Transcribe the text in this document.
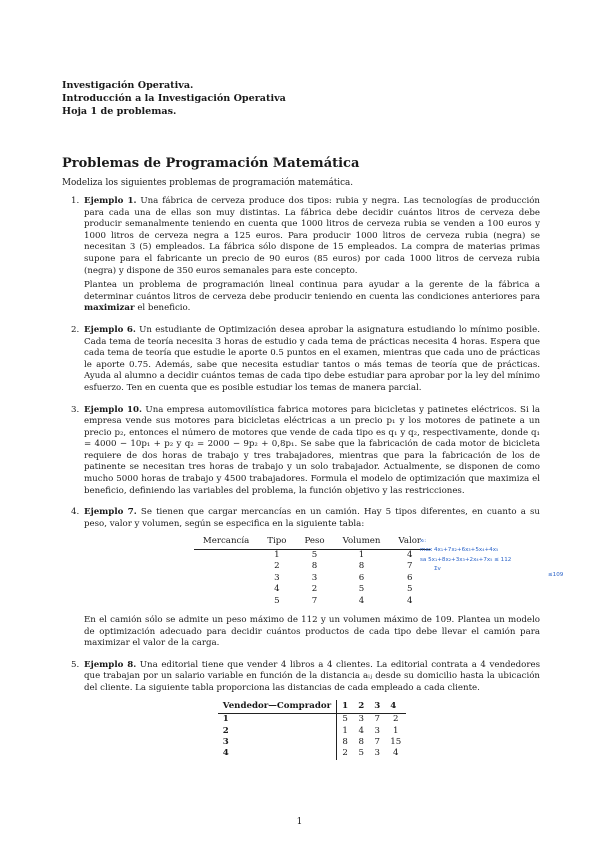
Investigación Operativa.
Introducción a la Investigación Operativa
Hoja 1 de problemas.
Problemas de Programación Matemática
Modeliza los siguientes problemas de programación matemática.
1. Ejemplo 1. Una fábrica de cerveza produce dos tipos: rubia y negra. Las tecnologías de producción para cada una de ellas son muy distintas. La fábrica debe decidir cuántos litros de cerveza debe producir semanalmente teniendo en cuenta que 1000 litros de cerveza rubia se venden a 100 euros y 1000 litros de cerveza negra a 125 euros. Para producir 1000 litros de cerveza rubia (negra) se necesitan 3 (5) empleados. La fábrica sólo dispone de 15 empleados. La compra de materias primas supone para el fabricante un precio de 90 euros (85 euros) por cada 1000 litros de cerveza rubia (negra) y dispone de 350 euros semanales para este concepto.

Plantea un problema de programación lineal continua para ayudar a la gerente de la fábrica a determinar cuántos litros de cerveza debe producir teniendo en cuenta las condiciones anteriores para maximizar el beneficio.

2. Ejemplo 6. Un estudiante de Optimización desea aprobar la asignatura estudiando lo mínimo posible. Cada tema de teoría necesita 3 horas de estudio y cada tema de prácticas necesita 4 horas. Espera que cada tema de teoría que estudie le aporte 0.5 puntos en el examen, mientras que cada uno de prácticas le aporte 0.75. Además, sabe que necesita estudiar tantos o más temas de teoría que de prácticas. Ayuda al alumno a decidir cuántos temas de cada tipo debe estudiar para aprobar por la ley del mínimo esfuerzo. Ten en cuenta que es posible estudiar los temas de manera parcial.

3. Ejemplo 10. Una empresa automovilística fabrica motores para bicicletas y patinetes eléctricos. Si la empresa vende sus motores para bicicletas eléctricas a un precio p₁ y los motores de patinete a un precio p₂, entonces el número de motores que vende de cada tipo es q₁ y q₂, respectivamente, donde q₁ = 4000 − 10p₁ + p₂ y q₂ = 2000 − 9p₂ + 0,8p₁. Se sabe que la fabricación de cada motor de bicicleta requiere de dos horas de trabajo y tres trabajadores, mientras que para la fabricación de los de patinente se necesitan tres horas de trabajo y un solo trabajador. Actualmente, se disponen de como mucho 5000 horas de trabajo y 4500 trabajadores. Formula el modelo de optimización que maximiza el beneficio, definiendo las variables del problema, la función objetivo y las restricciones.

4. Ejemplo 7. Se tienen que cargar mercancías en un camión. Hay 5 tipos diferentes, en cuanto a su peso, valor y volumen, según se especifica en la siguiente tabla:

Mercancía	Tipo	Peso	Volumen	Valor
	1	5	1	4
	2	8	8	7
	3	3	6	6
	4	2	5	5
	5	7	4	4

En el camión sólo se admite un peso máximo de 112 y un volumen máximo de 109. Plantea un modelo de optimización adecuado para decidir cuántos productos de cada tipo debe llevar el camión para maximizar el valor de la carga.

5. Ejemplo 8. Una editorial tiene que vender 4 libros a 4 clientes. La editorial contrata a 4 vendedores que trabajan por un salario variable en función de la distancia aᵢⱼ desde su domicilio hasta la ubicación del cliente. La siguiente tabla proporciona las distancias de cada empleado a cada cliente.

Vendedor—Comprador	1	2	3	4
1	5	3	7	2
2	1	4	3	1
3	8	8	7	15
4	2	5	3	4
xᵢ:
max 4x₁+7x₂+6x₃+5x₄+4x₅
sa 5x₁+8x₂+3x₃+2x₄+7x₅ ≤ 112
Σv
≤109
1
